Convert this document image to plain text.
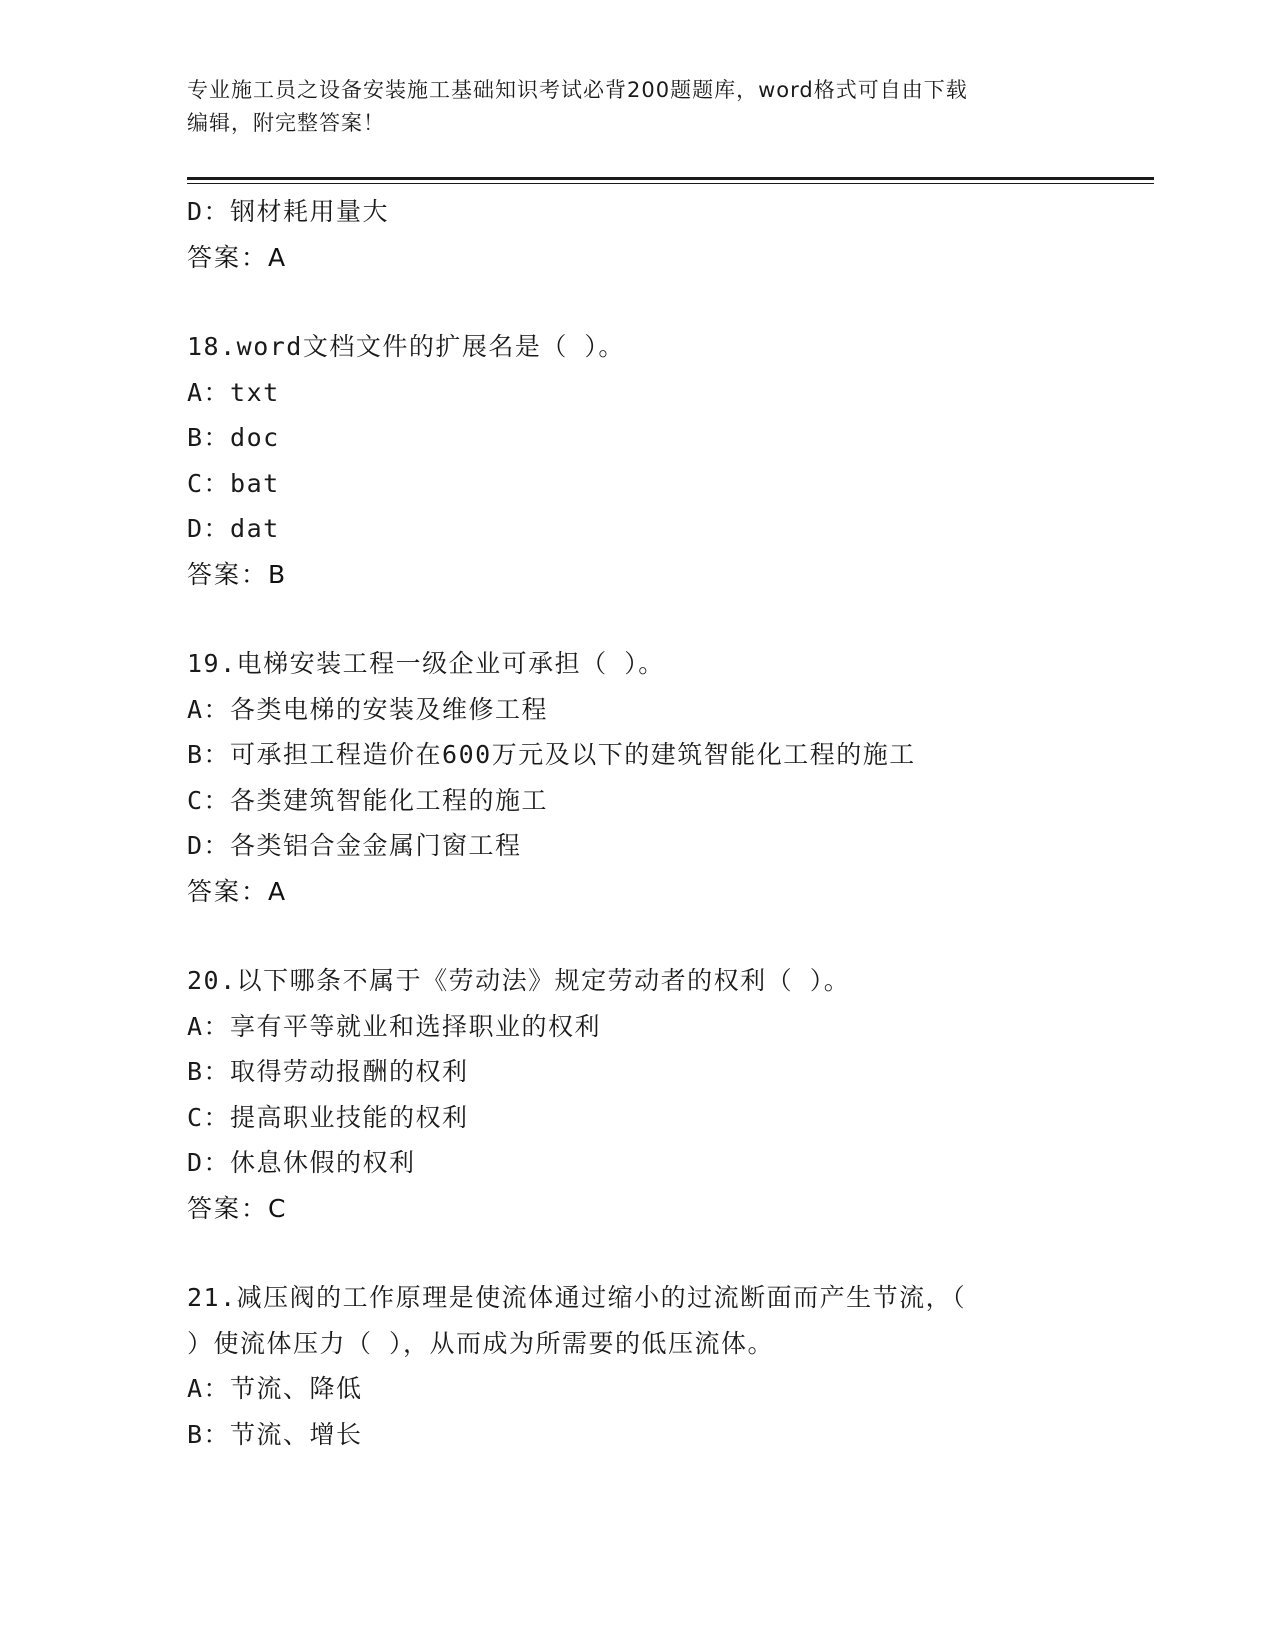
专业施工员之设备安装施工基础知识考试必背200题题库，word格式可自由下载
编辑，附完整答案！
D：钢材耗用量大
答案：A
18.word文档文件的扩展名是（ ）。
A：txt
B：doc
C：bat
D：dat
答案：B
19.电梯安装工程一级企业可承担（ ）。
A：各类电梯的安装及维修工程
B：可承担工程造价在600万元及以下的建筑智能化工程的施工
C：各类建筑智能化工程的施工
D：各类铝合金金属门窗工程
答案：A
20.以下哪条不属于《劳动法》规定劳动者的权利（ ）。
A：享有平等就业和选择职业的权利
B：取得劳动报酬的权利
C：提高职业技能的权利
D：休息休假的权利
答案：C
21.减压阀的工作原理是使流体通过缩小的过流断面而产生节流，（
）使流体压力（ ），从而成为所需要的低压流体。
A：节流、降低
B：节流、增长
